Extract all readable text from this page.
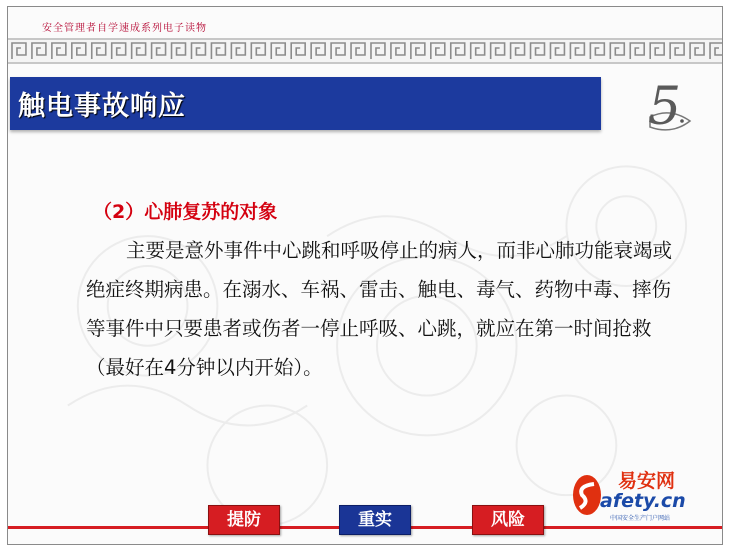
安全管理者自学速成系列电子读物
触电事故响应	5
（2）心肺复苏的对象

主要是意外事件中心跳和呼吸停止的病人，而非心肺功能衰竭或绝症终期病患。在溺水、车祸、雷击、触电、毒气、药物中毒、摔伤等事件中只要患者或伤者一停止呼吸、心跳，就应在第一时间抢救（最好在4分钟以内开始）。

易安网
afety.cn
中国安全生产门户网站
提防	重实	风险
